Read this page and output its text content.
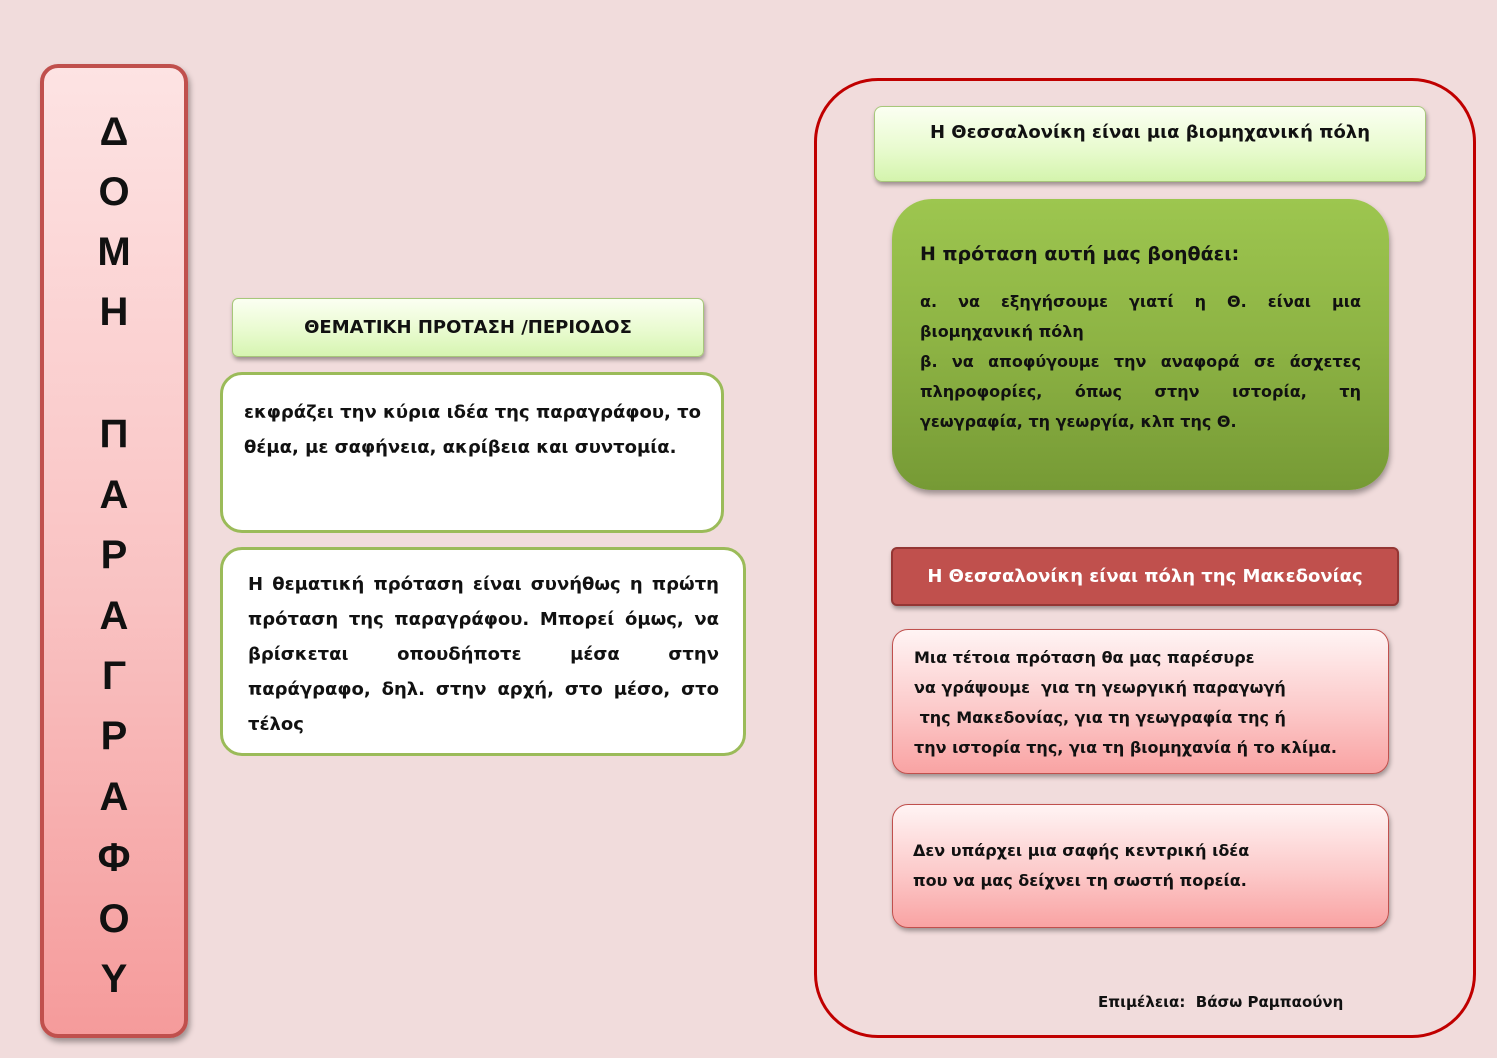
Δ
Ο
Μ
Η
Π
Α
Ρ
Α
Γ
Ρ
Α
Φ
Ο
Υ
ΘΕΜΑΤΙΚΗ ΠΡΟΤΑΣΗ /ΠΕΡΙΟΔΟΣ

εκφράζει την κύρια ιδέα της παραγράφου, το θέμα, με σαφήνεια, ακρίβεια και συντομία.

Η θεματική πρόταση είναι συνήθως η πρώτη πρόταση της παραγράφου. Μπορεί όμως, να βρίσκεται οπουδήποτε μέσα στην παράγραφο, δηλ. στην αρχή, στο μέσο, στο τέλος

Η Θεσσαλονίκη είναι μια βιομηχανική πόλη

Η πρόταση αυτή μας βοηθάει:

α. να εξηγήσουμε γιατί η Θ. είναι μια βιομηχανική πόλη

β. να αποφύγουμε την αναφορά σε άσχετες πληροφορίες, όπως στην ιστορία, τη γεωγραφία, τη γεωργία, κλπ της Θ.

Η Θεσσαλονίκη είναι πόλη της Μακεδονίας
Μια τέτοια πρόταση θα μας παρέσυρε
να γράψουμε  για τη γεωργική παραγωγή
της Μακεδονίας, για τη γεωγραφία της ή
την ιστορία της, για τη βιομηχανία ή το κλίμα.
Δεν υπάρχει μια σαφής κεντρική ιδέα
που να μας δείχνει τη σωστή πορεία.
Επιμέλεια:  Βάσω Ραμπαούνη
